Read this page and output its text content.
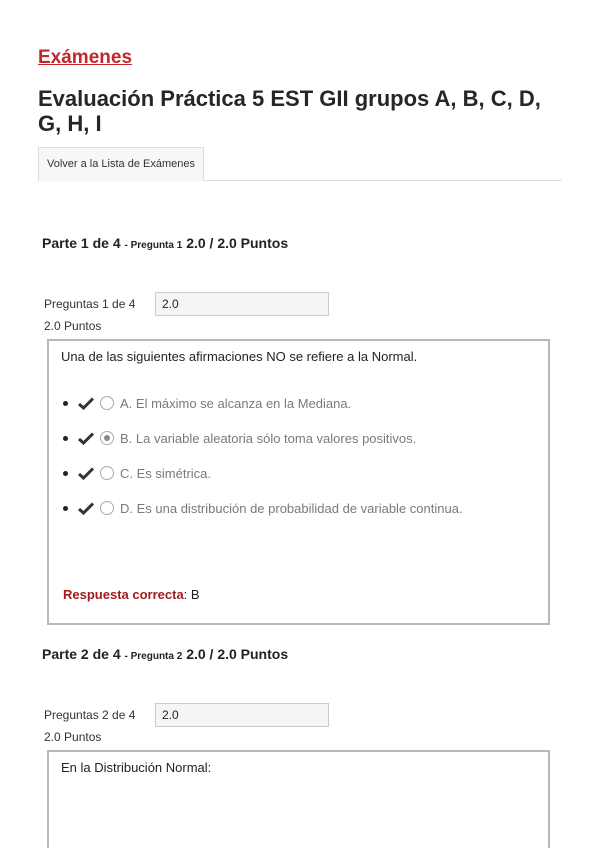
Exámenes
Evaluación Práctica 5 EST GII grupos A, B, C, D, G, H, I
Volver a la Lista de Exámenes
Parte 1 de 4 - Pregunta 1 2.0 / 2.0 Puntos
Preguntas 1 de 4	2.0
2.0 Puntos
Una de las siguientes afirmaciones NO se refiere a la Normal.
A. El máximo se alcanza en la Mediana.
B. La variable aleatoria sólo toma valores positivos.
C. Es simétrica.
D. Es una distribución de probabilidad de variable continua.
Respuesta correcta: B
Parte 2 de 4 - Pregunta 2 2.0 / 2.0 Puntos
Preguntas 2 de 4	2.0
2.0 Puntos
En la Distribución Normal:
